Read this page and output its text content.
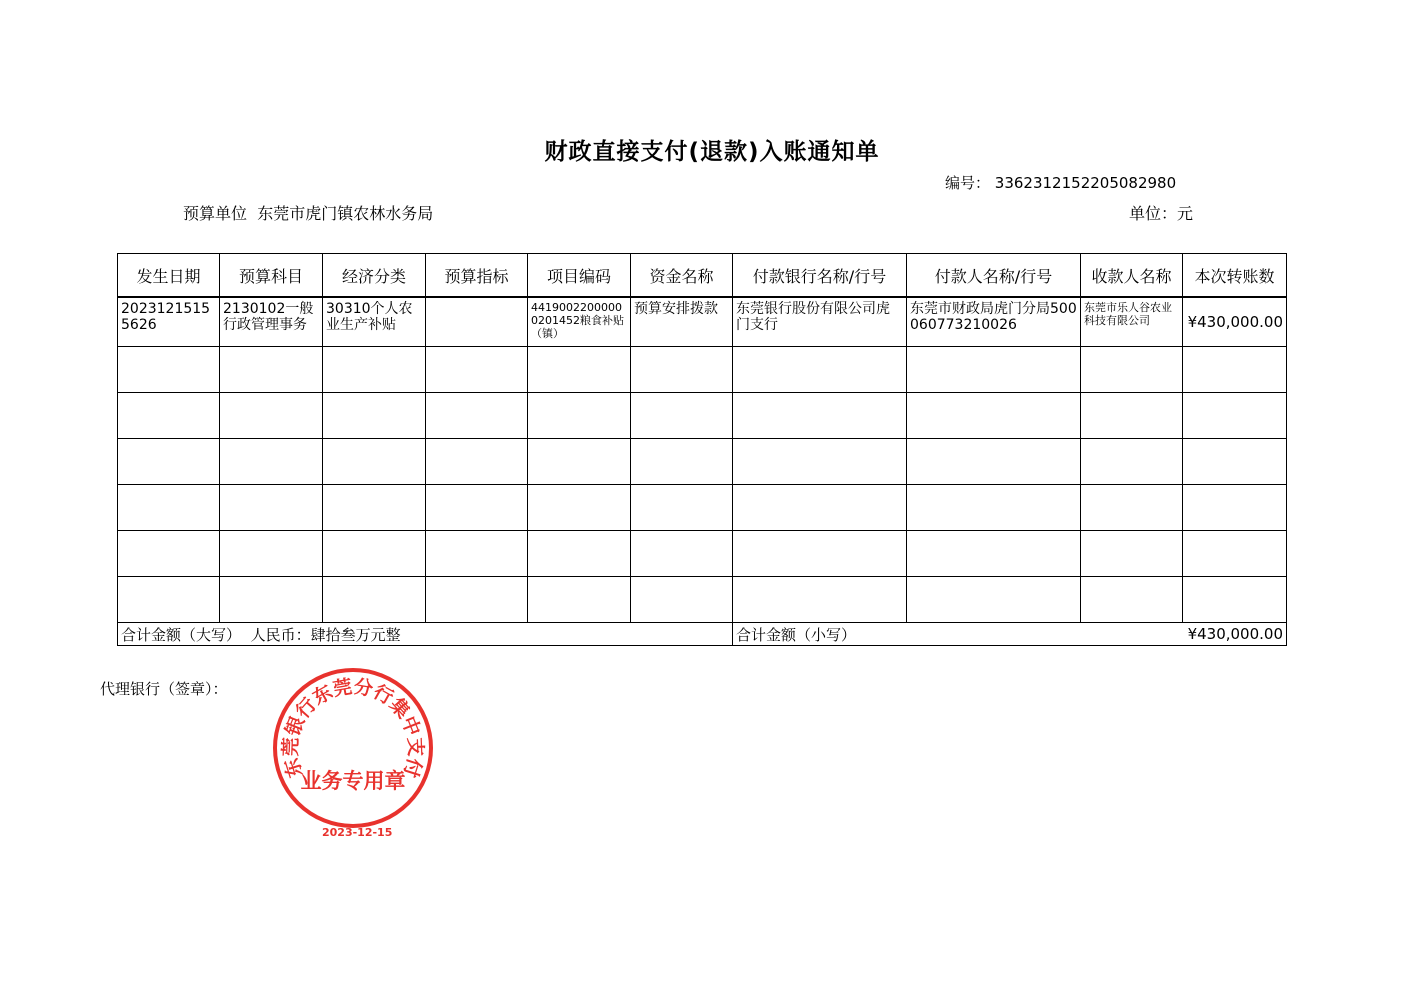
财政直接支付(退款)入账通知单
编号： 3362312152205082980
预算单位 东莞市虎门镇农林水务局	单位：元
发生日期	预算科目	经济分类	预算指标	项目编码	资金名称	付款银行名称/行号	付款人名称/行号	收款人名称	本次转账数
20231215155626	2130102一般行政管理事务	30310个人农业生产补贴		44190022000000201452粮食补贴（镇）	预算安排拨款	东莞银行股份有限公司虎门支行	东莞市财政局虎门分局500060773210026	东莞市乐人谷农业科技有限公司	¥430,000.00

合计金额（大写） 人民币：肆拾叁万元整						合计金额（小写）		¥430,000.00	
代理银行（签章）：
东莞银行东莞分行集中支付
业务专用章
2023-12-15
